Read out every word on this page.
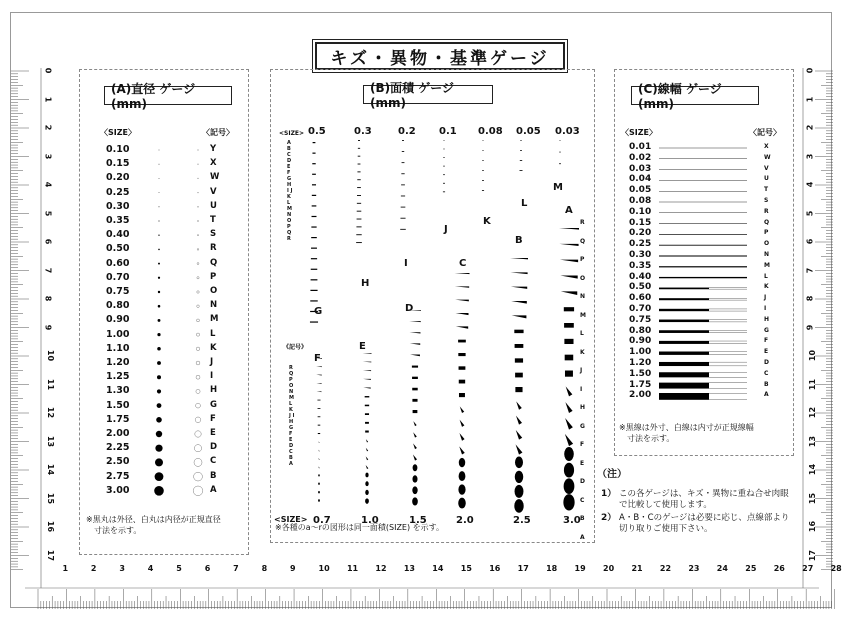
キズ・異物・基準ゲージ
0	0
1	1
2	2
3	3
4	4
5	5
6	6
7	7
8	8
9	9
10	10
11	11
12	12
13	13
14	14
15	15
16	16
17	17
1	2	3	4	5	6	7	8	9	10 11 12 13 14 15 16 17 18 19 20 21 22 23 24 25 26 27 28
(A)直径 ゲージ(mm)
〈SIZE〉	〈記号〉
0.10	Y
0.15	X
0.20	W
0.25	V
0.30	U
0.35	T
0.40	S
0.50	R
0.60	Q
0.70	P
0.75	O
0.80	N
0.90	M
1.00	L
1.10	K
1.20	J
1.25	I
1.30	H
1.50	G
1.75	F
2.00	E
2.25	D
2.50	C
2.75	B
3.00	A
※黒丸は外径、白丸は内径が正規直径
　寸法を示す。
(B)面積 ゲージ(mm)
<SIZE> 0.5	0.3	0.2 0.1 0.08 0.05 0.03
<SIZE> 0.7	1.0	1.5	2.0	2.5	3.0
《記号》
A B C D E F G H I J K L M N O P Q R
R Q P O N M L K J I H G F E D C B A
M
L
K
J
I
H
G
F
E
D
C
B
A
R
Q
P
O
N
M
L
K
J
I
H
G
F
E
D
C
B
A
※各種のa～rの図形は同一面積(SIZE) を示す。
(C)線幅 ゲージ(mm)
〈SIZE〉	〈記号〉
0.01	X
0.02	W
0.03	V
0.04	U
0.05	T
0.08	S
0.10	R
0.15	Q
0.20	P
0.25	O
0.30	N
0.35	M
0.40	L
0.50	K
0.60	J
0.70	I
0.75	H
0.80	G
0.90	F
1.00	E
1.20	D
1.50	C
1.75	B
2.00	A
※黒線は外寸、白線は内寸が正規線幅
　寸法を示す。
（注）
1） この各ゲージは、キズ・異物に重ね合せ肉眼
で比較して使用します。
2） A・B・Cのゲージは必要に応じ、点線部より
切り取りご使用下さい。
